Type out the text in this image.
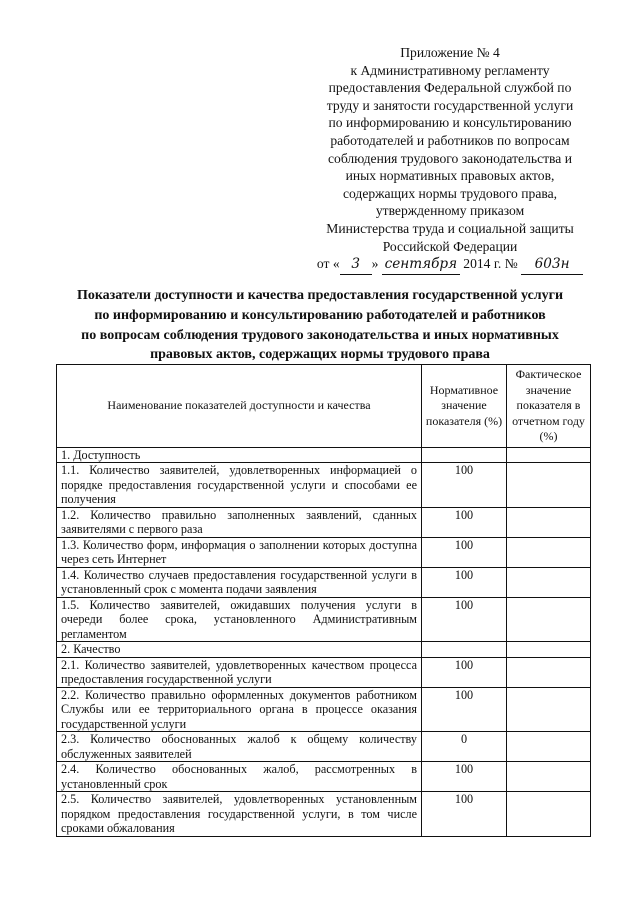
Приложение № 4
к Административному регламенту
предоставления Федеральной службой по
труду и занятости государственной услуги
по информированию и консультированию
работодателей и работников по вопросам
соблюдения трудового законодательства и
иных нормативных правовых актов,
содержащих нормы трудового права,
утвержденному приказом
Министерства труда и социальной защиты
Российской Федерации
от « 3 » сентября 2014 г. № 603н
Показатели доступности и качества предоставления государственной услуги
по информированию и консультированию работодателей и работников
по вопросам соблюдения трудового законодательства и иных нормативных
правовых актов, содержащих нормы трудового права
Наименование показателей доступности и качества	Нормативное значение показателя (%)	Фактическое значение показателя в отчетном году (%)
1. Доступность		
1.1. Количество заявителей, удовлетворенных информацией о порядке предоставления государственной услуги и способами ее получения	100	
1.2. Количество правильно заполненных заявлений, сданных заявителями с первого раза	100	
1.3. Количество форм, информация о заполнении которых доступна через сеть Интернет	100	
1.4. Количество случаев предоставления государственной услуги в установленный срок с момента подачи заявления	100	
1.5. Количество заявителей, ожидавших получения услуги в очереди более срока, установленного Административным регламентом	100	
2. Качество		
2.1. Количество заявителей, удовлетворенных качеством процесса предоставления государственной услуги	100	
2.2. Количество правильно оформленных документов работником Службы или ее территориального органа в процессе оказания государственной услуги	100	
2.3. Количество обоснованных жалоб к общему количеству обслуженных заявителей	0	
2.4. Количество обоснованных жалоб, рассмотренных в установленный срок	100	
2.5. Количество заявителей, удовлетворенных установленным порядком предоставления государственной услуги, в том числе сроками обжалования	100	
